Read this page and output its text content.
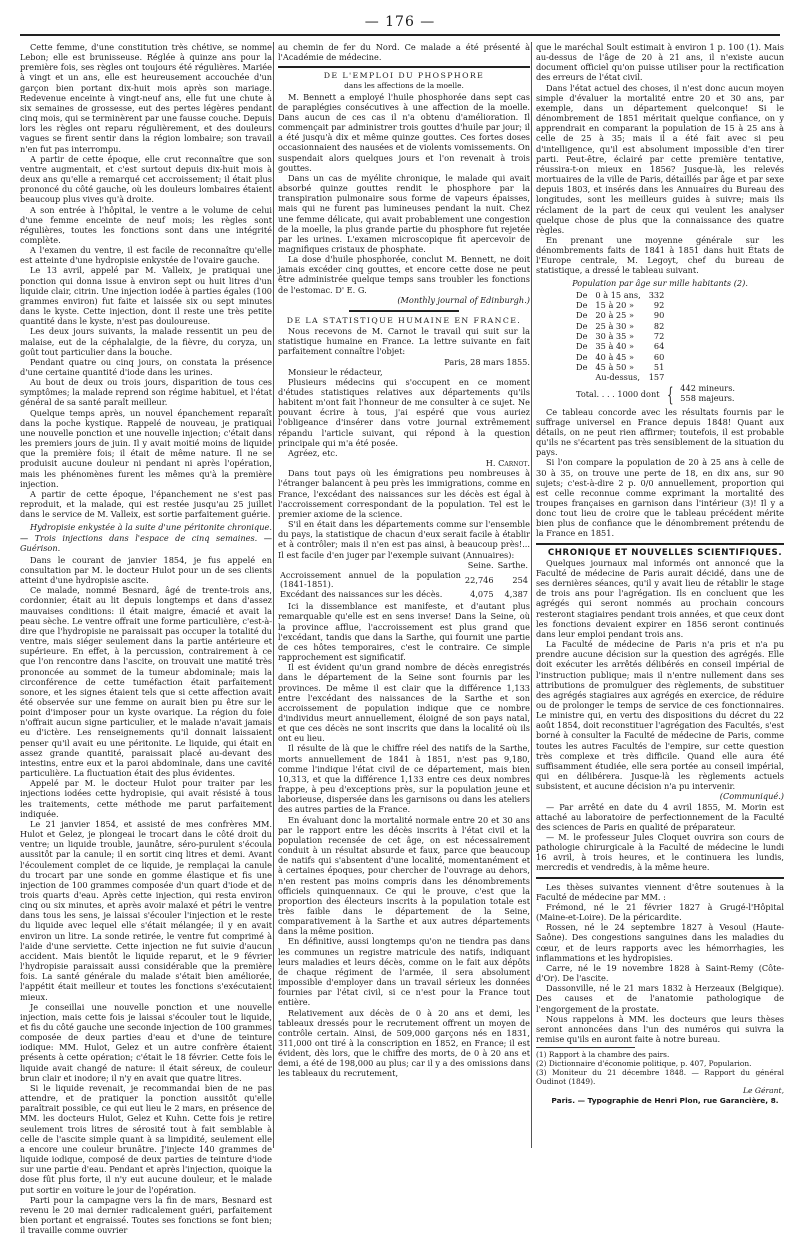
— 176 —

Cette femme, d'une constitution très chétive, se nomme Lebon; elle est brunisseuse. Réglée à quinze ans pour la première fois, ses règles ont toujours été régulières. Mariée à vingt et un ans, elle est heureusement accouchée d'un garçon bien portant dix-huit mois après son mariage. Redevenue enceinte à vingt-neuf ans, elle fut une chute à six semaines de grossesse, eut des pertes légères pendant cinq mois, qui se terminèrent par une fausse couche. Depuis lors les règles ont reparu régulièrement, et des douleurs vagues se firent sentir dans la région lombaire; son travail n'en fut pas interrompu.

A partir de cette époque, elle crut reconnaître que son ventre augmentait, et c'est surtout depuis dix-huit mois à deux ans qu'elle a remarqué cet accroissement; il était plus prononcé du côté gauche, où les douleurs lombaires étaient beaucoup plus vives qu'à droite.

A son entrée à l'hôpital, le ventre a le volume de celui d'une femme enceinte de neuf mois; les règles sont régulières, toutes les fonctions sont dans une intégrité complète.

A l'examen du ventre, il est facile de reconnaître qu'elle est atteinte d'une hydropisie enkystée de l'ovaire gauche.

Le 13 avril, appelé par M. Valleix, je pratiquai une ponction qui donna issue à environ sept ou huit litres d'un liquide clair, citrin. Une injection iodée à parties égales (100 grammes environ) fut faite et laissée six ou sept minutes dans le kyste. Cette injection, dont il reste une très petite quantité dans le kyste, n'est pas douloureuse.

Les deux jours suivants, la malade ressentit un peu de malaise, eut de la céphalalgie, de la fièvre, du coryza, un goût tout particulier dans la bouche.

Pendant quatre ou cinq jours, on constata la présence d'une certaine quantité d'iode dans les urines.

Au bout de deux ou trois jours, disparition de tous ces symptômes; la malade reprend son régime habituel, et l'état général de sa santé paraît meilleur.

Quelque temps après, un nouvel épanchement reparaît dans la poche kystique. Rappelé de nouveau, je pratiquai une nouvelle ponction et une nouvelle injection; c'était dans les premiers jours de juin. Il y avait moitié moins de liquide que la première fois; il était de même nature. Il ne se produisit aucune douleur ni pendant ni après l'opération, mais les phénomènes furent les mêmes qu'à la première injection.

A partir de cette époque, l'épanchement ne s'est pas reproduit, et la malade, qui est restée jusqu'au 25 juillet dans le service de M. Valleix, est sortie parfaitement guérie.

Hydropisie enkystée à la suite d'une péritonite chronique. — Trois injections dans l'espace de cinq semaines. —Guérison.

Dans le courant de janvier 1854, je fus appelé en consultation par M. le docteur Hulot pour un de ses clients atteint d'une hydropisie ascite.

Ce malade, nommé Besnard, âgé de trente-trois ans, cordonnier, était au lit depuis longtemps et dans d'assez mauvaises conditions: il était maigre, émacié et avait la peau sèche. Le ventre offrait une forme particulière, c'est-à-dire que l'hydropisie ne paraissait pas occuper la totalité du ventre, mais siéger seulement dans la partie antérieure et supérieure. En effet, à la percussion, contrairement à ce que l'on rencontre dans l'ascite, on trouvait une matité très prononcée au sommet de la tumeur abdominale; mais la circonférence de cette tuméfaction était parfaitement sonore, et les signes étaient tels que si cette affection avait été observée sur une femme on aurait bien pu être sur le point d'imposer pour un kyste ovarique. La région du foie n'offrait aucun signe particulier, et le malade n'avait jamais eu d'ictère. Les renseignements qu'il donnait laissaient penser qu'il avait eu une péritonite. Le liquide, qui était en assez grande quantité, paraissait placé au-devant des intestins, entre eux et la paroi abdominale, dans une cavité particulière. La fluctuation était des plus évidentes.

Appelé par M. le docteur Hulot pour traiter par les injections iodées cette hydropisie, qui avait résisté à tous les traitements, cette méthode me parut parfaitement indiquée.

Le 21 janvier 1854, et assisté de mes confrères MM. Hulot et Gelez, je plongeai le trocart dans le côté droit du ventre; un liquide trouble, jaunâtre, séro-purulent s'écoula aussitôt par la canule; il en sortit cinq litres et demi. Avant l'écoulement complet de ce liquide, je remplaçai la canule du trocart par une sonde en gomme élastique et fis une injection de 100 grammes composée d'un quart d'iode et de trois quarts d'eau. Après cette injection, qui resta environ cinq ou six minutes, et après avoir malaxé et pétri le ventre dans tous les sens, je laissai s'écouler l'injection et le reste du liquide avec lequel elle s'était mélangée; il y en avait environ un litre. La sonde retirée, le ventre fut comprimé à l'aide d'une serviette. Cette injection ne fut suivie d'aucun accident. Mais bientôt le liquide reparut, et le 9 février l'hydropisie paraissait aussi considérable que la première fois. La santé générale du malade s'était bien améliorée, l'appétit était meilleur et toutes les fonctions s'exécutaient mieux.

Je conseillai une nouvelle ponction et une nouvelle injection, mais cette fois je laissai s'écouler tout le liquide, et fis du côté gauche une seconde injection de 100 grammes composée de deux parties d'eau et d'une de teinture iodique: MM. Hulot, Gelez et un autre confrère étaient présents à cette opération; c'était le 18 février. Cette fois le liquide avait changé de nature: il était séreux, de couleur brun clair et inodore; il n'y en avait que quatre litres.

Si le liquide revenait, je recommandai bien de ne pas attendre, et de pratiquer la ponction aussitôt qu'elle paraîtrait possible, ce qui eut lieu le 2 mars, en présence de MM. les docteurs Hulot, Gelez et Kuhn. Cette fois je retire seulement trois litres de sérosité tout à fait semblable à celle de l'ascite simple quant à sa limpidité, seulement elle a encore une couleur brunâtre. J'injecte 140 grammes de liquide iodique, composé de deux parties de teinture d'iode sur une partie d'eau. Pendant et après l'injection, quoique la dose fût plus forte, il n'y eut aucune douleur, et le malade put sortir en voiture le jour de l'opération.

Parti pour la campagne vers la fin de mars, Besnard est revenu le 20 mai dernier radicalement guéri, parfaitement bien portant et engraissé. Toutes ses fonctions se font bien; il travaille comme ouvrier

au chemin de fer du Nord. Ce malade a été présenté à l'Académie de médecine.

DE L'EMPLOI DU PHOSPHORE

dans les affections de la moelle.

M. Bennett a employé l'huile phosphorée dans sept cas de paraplégies consécutives à une affection de la moelle. Dans aucun de ces cas il n'a obtenu d'amélioration. Il commençait par administrer trois gouttes d'huile par jour; il a été jusqu'à dix et même quinze gouttes. Ces fortes doses occasionnaient des nausées et de violents vomissements. On suspendait alors quelques jours et l'on revenait à trois gouttes.

Dans un cas de myélite chronique, le malade qui avait absorbé quinze gouttes rendit le phosphore par la transpiration pulmonaire sous forme de vapeurs épaisses, mais qui ne furent pas lumineuses pendant la nuit. Chez une femme délicate, qui avait probablement une congestion de la moelle, la plus grande partie du phosphore fut rejetée par les urines. L'examen microscopique fit apercevoir de magnifiques cristaux de phosphate.

La dose d'huile phosphorée, conclut M. Bennett, ne doit jamais excéder cinq gouttes, et encore cette dose ne peut être administrée quelque temps sans troubler les fonctions de l'estomac. D' E. G.

(Monthly journal of Edinburgh.)

DE LA STATISTIQUE HUMAINE EN FRANCE.

Nous recevons de M. Carnot le travail qui suit sur la statistique humaine en France. La lettre suivante en fait parfaitement connaître l'objet:

Paris, 28 mars 1855.

Monsieur le rédacteur,

Plusieurs médecins qui s'occupent en ce moment d'études statistiques relatives aux départements qu'ils habitent m'ont fait l'honneur de me consulter à ce sujet. Ne pouvant écrire à tous, j'ai espéré que vous auriez l'obligeance d'insérer dans votre journal extrêmement répandu l'article suivant, qui répond à la question principale qui m'a été posée.

Agréez, etc.

H. Carnot.

Dans tout pays où les émigrations peu nombreuses à l'étranger balancent à peu près les immigrations, comme en France, l'excédant des naissances sur les décès est égal à l'accroissement correspondant de la population. Tel est le premier axiome de la science.

S'il en était dans les départements comme sur l'ensemble du pays, la statistique de chacun d'eux serait facile à établir et à contrôler; mais il n'en est pas ainsi, à beaucoup près!... Il est facile d'en juger par l'exemple suivant (Annuaires):

	Seine.	Sarthe.
Accroissement annuel de la population (1841-1851).	22,746	254
Excédant des naissances sur les décès.	4,075	4,387

Ici la dissemblance est manifeste, et d'autant plus remarquable qu'elle est en sens inverse! Dans la Seine, où la province afflue, l'accroissement est plus grand que l'excédant, tandis que dans la Sarthe, qui fournit une partie de ces hôtes temporaires, c'est le contraire. Ce simple rapprochement est significatif.

Il est évident qu'un grand nombre de décès enregistrés dans le département de la Seine sont fournis par les provinces. De même il est clair que la différence 1,133 entre l'excédant des naissances de la Sarthe et son accroissement de population indique que ce nombre d'individus meurt annuellement, éloigné de son pays natal, et que ces décès ne sont inscrits que dans la localité où ils ont eu lieu.

Il résulte de là que le chiffre réel des natifs de la Sarthe, morts annuellement de 1841 à 1851, n'est pas 9,180, comme l'indique l'état civil de ce département, mais bien 10,313, et que la différence 1,133 entre ces deux nombres frappe, à peu d'exceptions près, sur la population jeune et laborieuse, dispersée dans les garnisons ou dans les ateliers des autres parties de la France.

En évaluant donc la mortalité normale entre 20 et 30 ans par le rapport entre les décès inscrits à l'état civil et la population recensée de cet âge, on est nécessairement conduit à un résultat absurde et faux, parce que beaucoup de natifs qui s'absentent d'une localité, momentanément et à certaines époques, pour chercher de l'ouvrage au dehors, n'en restent pas moins compris dans les dénombrements officiels quinquennaux. Ce qui le prouve, c'est que la proportion des électeurs inscrits à la population totale est très faible dans le département de la Seine, comparativement à la Sarthe et aux autres départements dans la même position.

En définitive, aussi longtemps qu'on ne tiendra pas dans les communes un registre matricule des natifs, indiquant leurs maladies et leurs décès, comme on le fait aux dépôts de chaque régiment de l'armée, il sera absolument impossible d'employer dans un travail sérieux les données fournies par l'état civil, si ce n'est pour la France tout entière.

Relativement aux décès de 0 à 20 ans et demi, les tableaux dressés pour le recrutement offrent un moyen de contrôle certain. Ainsi, de 509,000 garçons nés en 1831, 311,000 ont tiré à la conscription en 1852, en France; il est évident, dès lors, que le chiffre des morts, de 0 à 20 ans et demi, a été de 198,000 au plus; car il y a des omissions dans les tableaux du recrutement,

que le maréchal Soult estimait à environ 1 p. 100 (1). Mais au-dessus de l'âge de 20 à 21 ans, il n'existe aucun document officiel qu'on puisse utiliser pour la rectification des erreurs de l'état civil.

Dans l'état actuel des choses, il n'est donc aucun moyen simple d'évaluer la mortalité entre 20 et 30 ans, par exemple, dans un département quelconque! Si le dénombrement de 1851 méritait quelque confiance, on y apprendrait en comparant la population de 15 à 25 ans à celle de 25 à 35; mais il a été fait avec si peu d'intelligence, qu'il est absolument impossible d'en tirer parti. Peut-être, éclairé par cette première tentative, réussira-t-on mieux en 1856? Jusque-là, les relevés mortuaires de la ville de Paris, détaillés par âge et par sexe depuis 1803, et insérés dans les Annuaires du Bureau des longitudes, sont les meilleurs guides à suivre; mais ils réclament de la part de ceux qui veulent les analyser quelque chose de plus que la connaissance des quatre règles.

En prenant une moyenne générale sur les dénombrements faits de 1841 à 1851 dans huit États de l'Europe centrale, M. Legoyt, chef du bureau de statistique, a dressé le tableau suivant.

Population par âge sur mille habitants (2).

De	0 à 15 ans,	332
De	15 à 20 »	92
De	20 à 25 »	90
De	25 à 30 »	82
De	30 à 35 »	72
De	35 à 40 »	64
De	40 à 45 »	60
De	45 à 50 »	51
	Au-dessus,	157
Total. . . . 1000 dont { 442 mineurs.
558 majeurs.

Ce tableau concorde avec les résultats fournis par le suffrage universel en France depuis 1848! Quant aux détails, on ne peut rien affirmer; toutefois, il est probable qu'ils ne s'écartent pas très sensiblement de la situation du pays.

Si l'on compare la population de 20 à 25 ans à celle de 30 à 35, on trouve une perte de 18, en dix ans, sur 90 sujets; c'est-à-dire 2 p. 0/0 annuellement, proportion qui est celle reconnue comme exprimant la mortalité des troupes françaises en garnison dans l'intérieur (3)! Il y a donc tout lieu de croire que le tableau précédent mérite bien plus de confiance que le dénombrement prétendu de la France en 1851.

CHRONIQUE ET NOUVELLES SCIENTIFIQUES.

Quelques journaux mal informés ont annoncé que la Faculté de médecine de Paris aurait décidé, dans une de ses dernières séances, qu'il y avait lieu de rétablir le stage de trois ans pour l'agrégation. Ils en concluent que les agrégés qui seront nommés au prochain concours resteront stagiaires pendant trois années, et que ceux dont les fonctions devaient expirer en 1856 seront continués dans leur emploi pendant trois ans.

La Faculté de médecine de Paris n'a pris et n'a pu prendre aucune décision sur la question des agrégés. Elle doit exécuter les arrêtés délibérés en conseil impérial de l'instruction publique; mais il n'entre nullement dans ses attributions de promulguer des règlements, de substituer des agrégés stagiaires aux agrégés en exercice, de réduire ou de prolonger le temps de service de ces fonctionnaires. Le ministre qui, en vertu des dispositions du décret du 22 août 1854, doit reconstituer l'agrégation des Facultés, s'est borné à consulter la Faculté de médecine de Paris, comme toutes les autres Facultés de l'empire, sur cette question très complexe et très difficile. Quand elle aura été suffisamment étudiée, elle sera portée au conseil impérial, qui en délibérera. Jusque-là les règlements actuels subsistent, et aucune décision n'a pu intervenir.

(Communiqué.)

— Par arrêté en date du 4 avril 1855, M. Morin est attaché au laboratoire de perfectionnement de la Faculté des sciences de Paris en qualité de préparateur.

— M. le professeur Jules Cloquet ouvrira son cours de pathologie chirurgicale à la Faculté de médecine le lundi 16 avril, à trois heures, et le continuera les lundis, mercredis et vendredis, à la même heure.

Les thèses suivantes viennent d'être soutenues à la Faculté de médecine par MM. :

Frémond, né le 21 février 1827 à Grugé-l'Hôpital (Maine-et-Loire). De la péricardite.

Rossen, né le 24 septembre 1827 à Vesoul (Haute-Saône). Des congestions sanguines dans les maladies du cœur, et de leurs rapports avec les hémorrhagies, les inflammations et les hydropisies.

Carre, né le 19 novembre 1828 à Saint-Remy (Côte-d'Or). De l'ascite.

Dassonville, né le 21 mars 1832 à Herzeaux (Belgique). Des causes et de l'anatomie pathologique de l'engorgement de la prostate.

Nous rappelons à MM. les docteurs que leurs thèses seront annoncées dans l'un des numéros qui suivra la remise qu'ils en auront faite à notre bureau.

(1) Rapport à la chambre des pairs.

(2) Dictionnaire d'économie politique, p. 407, Popularion.

(3) Moniteur du 21 décembre 1848. — Rapport du général Oudinot (1849).

Le Gérant,

Paris. — Typographie de Henri Plon, rue Garancière, 8.
